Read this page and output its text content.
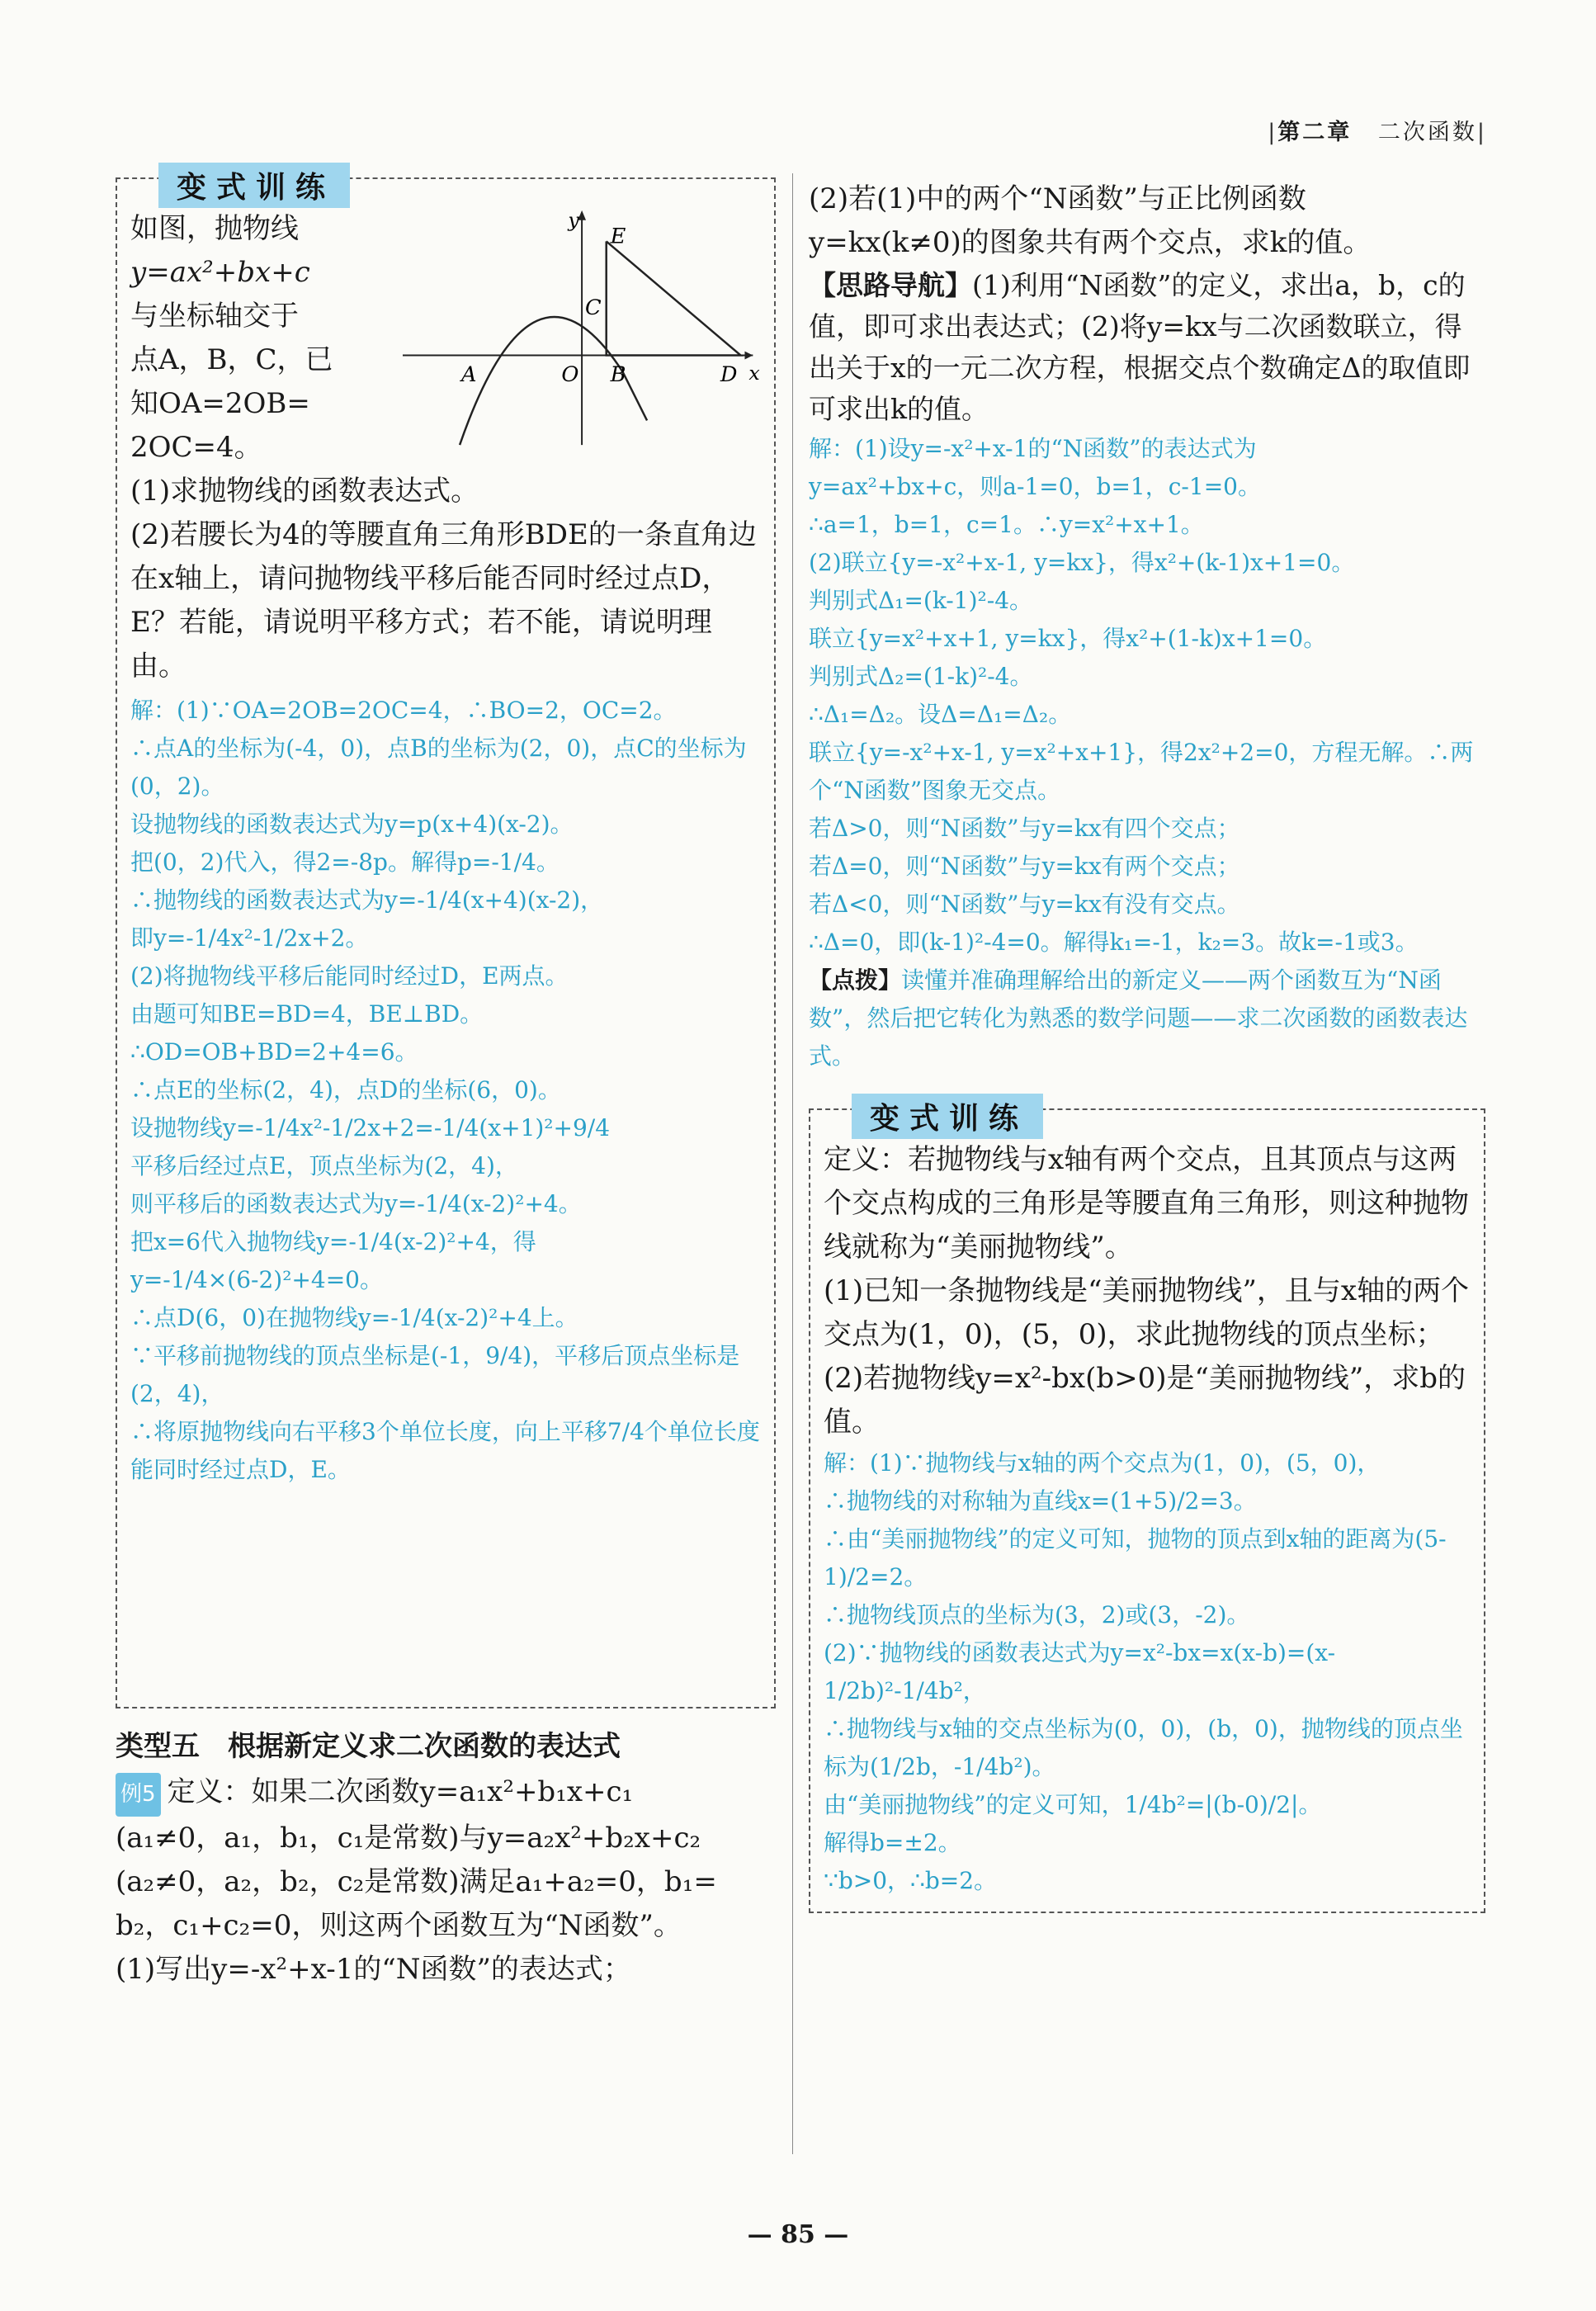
|第二章 二次函数|
变式训练

如图，抛物线

y=ax²+bx+c

与坐标轴交于

点A，B，C，已

知OA=2OB=

2OC=4。

y
x
E
C
A	O B	D

(1)求抛物线的函数表达式。

(2)若腰长为4的等腰直角三角形BDE的一条直角边在x轴上，请问抛物线平移后能否同时经过点D，E？若能，请说明平移方式；若不能，请说明理由。

解：(1)∵OA=2OB=2OC=4，∴BO=2，OC=2。

∴点A的坐标为(-4，0)，点B的坐标为(2，0)，点C的坐标为(0，2)。

设抛物线的函数表达式为y=p(x+4)(x-2)。

把(0，2)代入，得2=-8p。解得p=-1/4。

∴抛物线的函数表达式为y=-1/4(x+4)(x-2)，

即y=-1/4x²-1/2x+2。

(2)将抛物线平移后能同时经过D，E两点。

由题可知BE=BD=4，BE⊥BD。

∴OD=OB+BD=2+4=6。

∴点E的坐标(2，4)，点D的坐标(6，0)。

设抛物线y=-1/4x²-1/2x+2=-1/4(x+1)²+9/4

平移后经过点E，顶点坐标为(2，4)，

则平移后的函数表达式为y=-1/4(x-2)²+4。

把x=6代入抛物线y=-1/4(x-2)²+4，得

y=-1/4×(6-2)²+4=0。

∴点D(6，0)在抛物线y=-1/4(x-2)²+4上。

∵平移前抛物线的顶点坐标是(-1，9/4)，平移后顶点坐标是(2，4)，

∴将原抛物线向右平移3个单位长度，向上平移7/4个单位长度能同时经过点D，E。

类型五　根据新定义求二次函数的表达式

例5 定义：如果二次函数y=a₁x²+b₁x+c₁

(a₁≠0，a₁，b₁，c₁是常数)与y=a₂x²+b₂x+c₂

(a₂≠0，a₂，b₂，c₂是常数)满足a₁+a₂=0，b₁=

b₂，c₁+c₂=0，则这两个函数互为“N函数”。

(1)写出y=-x²+x-1的“N函数”的表达式；

(2)若(1)中的两个“N函数”与正比例函数

y=kx(k≠0)的图象共有两个交点，求k的值。

【思路导航】(1)利用“N函数”的定义，求出a，b，c的值，即可求出表达式；(2)将y=kx与二次函数联立，得出关于x的一元二次方程，根据交点个数确定Δ的取值即可求出k的值。

解：(1)设y=-x²+x-1的“N函数”的表达式为

y=ax²+bx+c，则a-1=0，b=1，c-1=0。

∴a=1，b=1，c=1。∴y=x²+x+1。

(2)联立{y=-x²+x-1, y=kx}，得x²+(k-1)x+1=0。

判别式Δ₁=(k-1)²-4。

联立{y=x²+x+1, y=kx}，得x²+(1-k)x+1=0。

判别式Δ₂=(1-k)²-4。

∴Δ₁=Δ₂。设Δ=Δ₁=Δ₂。

联立{y=-x²+x-1, y=x²+x+1}，得2x²+2=0，方程无解。∴两个“N函数”图象无交点。

若Δ>0，则“N函数”与y=kx有四个交点；

若Δ=0，则“N函数”与y=kx有两个交点；

若Δ<0，则“N函数”与y=kx有没有交点。

∴Δ=0，即(k-1)²-4=0。解得k₁=-1，k₂=3。故k=-1或3。

【点拨】读懂并准确理解给出的新定义——两个函数互为“N函数”，然后把它转化为熟悉的数学问题——求二次函数的函数表达式。

变式训练

定义：若抛物线与x轴有两个交点，且其顶点与这两个交点构成的三角形是等腰直角三角形，则这种抛物线就称为“美丽抛物线”。

(1)已知一条抛物线是“美丽抛物线”，且与x轴的两个交点为(1，0)，(5，0)，求此抛物线的顶点坐标；

(2)若抛物线y=x²-bx(b>0)是“美丽抛物线”，求b的值。

解：(1)∵抛物线与x轴的两个交点为(1，0)，(5，0)，

∴抛物线的对称轴为直线x=(1+5)/2=3。

∴由“美丽抛物线”的定义可知，抛物的顶点到x轴的距离为(5-1)/2=2。

∴抛物线顶点的坐标为(3，2)或(3，-2)。

(2)∵抛物线的函数表达式为y=x²-bx=x(x-b)=(x-1/2b)²-1/4b²，

∴抛物线与x轴的交点坐标为(0，0)，(b，0)，抛物线的顶点坐标为(1/2b，-1/4b²)。

由“美丽抛物线”的定义可知，1/4b²=|(b-0)/2|。

解得b=±2。

∵b>0，∴b=2。

— 85 —
